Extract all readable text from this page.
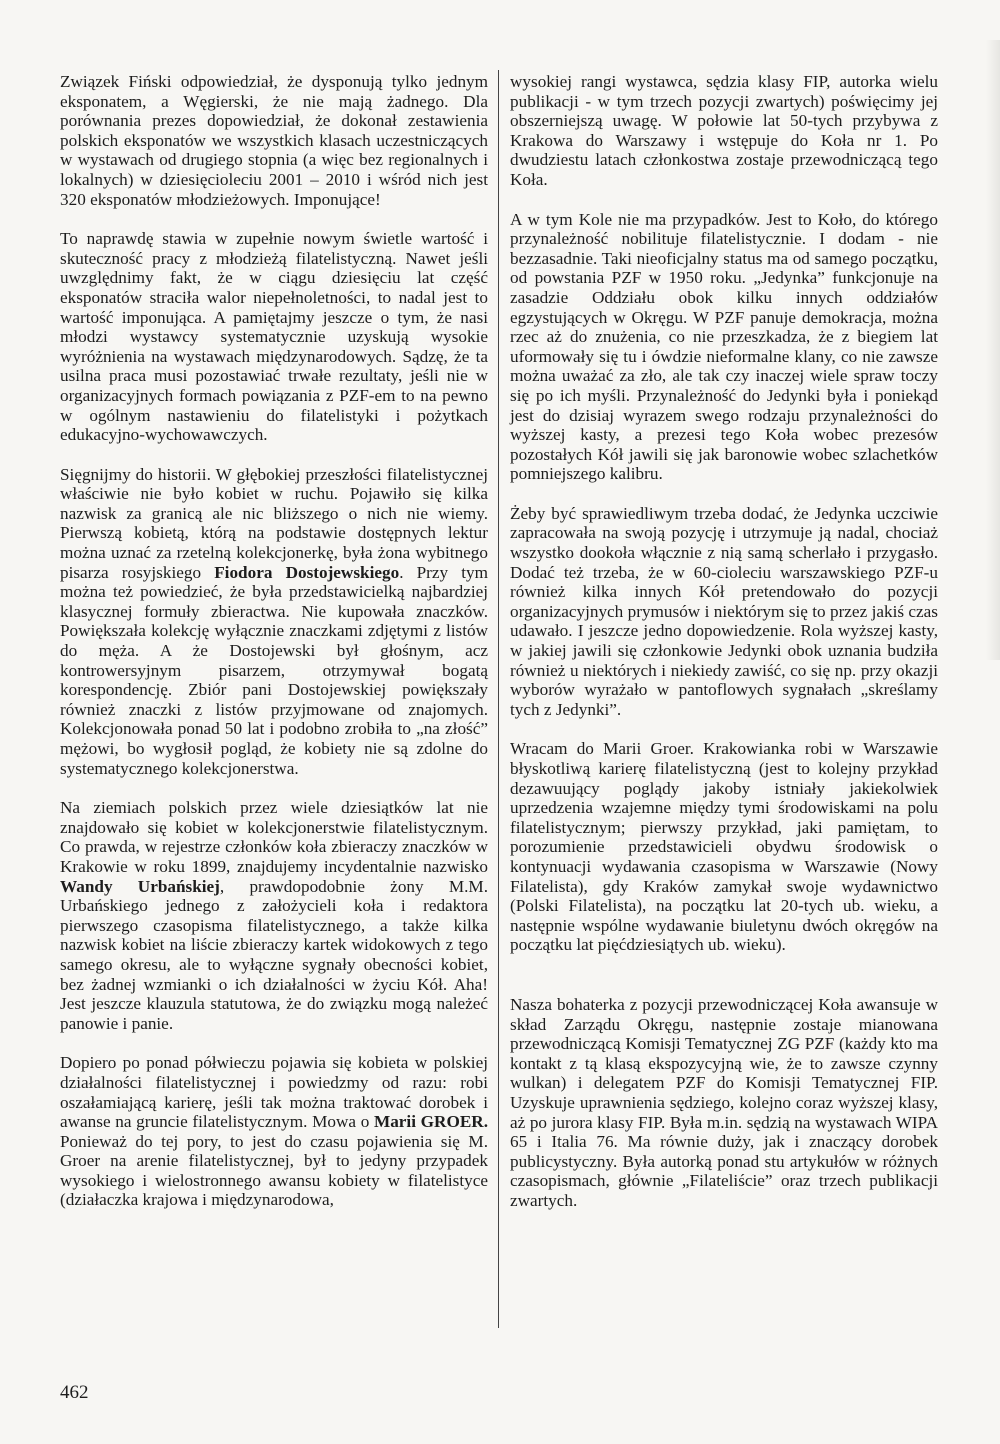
Związek Fiński odpowiedział, że dysponują tylko jednym eksponatem, a Węgierski, że nie mają żadnego. Dla porównania prezes dopowiedział, że dokonał zestawienia polskich eksponatów we wszystkich klasach uczestniczących w wystawach od drugiego stopnia (a więc bez regionalnych i lokalnych) w dziesięcioleciu 2001 – 2010 i wśród nich jest 320 eksponatów młodzieżowych. Imponujące!

To naprawdę stawia w zupełnie nowym świetle wartość i skuteczność pracy z młodzieżą filatelistyczną. Nawet jeśli uwzględnimy fakt, że w ciągu dziesięciu lat część eksponatów straciła walor niepełnoletności, to nadal jest to wartość imponująca. A pamiętajmy jeszcze o tym, że nasi młodzi wystawcy systematycznie uzyskują wysokie wyróżnienia na wystawach międzynarodowych. Sądzę, że ta usilna praca musi pozostawiać trwałe rezultaty, jeśli nie w organizacyjnych formach powiązania z PZF-em to na pewno w ogólnym nastawieniu do filatelistyki i pożytkach edukacyjno-wychowawczych.

Sięgnijmy do historii. W głębokiej przeszłości filatelistycznej właściwie nie było kobiet w ruchu. Pojawiło się kilka nazwisk za granicą ale nic bliższego o nich nie wiemy. Pierwszą kobietą, którą na podstawie dostępnych lektur można uznać za rzetelną kolekcjonerkę, była żona wybitnego pisarza rosyjskiego Fiodora Dostojewskiego. Przy tym można też powiedzieć, że była przedstawicielką najbardziej klasycznej formuły zbieractwa. Nie kupowała znaczków. Powiększała kolekcję wyłącznie znaczkami zdjętymi z listów do męża. A że Dostojewski był głośnym, acz kontrowersyjnym pisarzem, otrzymywał bogatą korespondencję. Zbiór pani Dostojewskiej powiększały również znaczki z listów przyjmowane od znajomych. Kolekcjonowała ponad 50 lat i podobno zrobiła to „na złość” mężowi, bo wygłosił pogląd, że kobiety nie są zdolne do systematycznego kolekcjonerstwa.

Na ziemiach polskich przez wiele dziesiątków lat nie znajdowało się kobiet w kolekcjonerstwie filatelistycznym. Co prawda, w rejestrze członków koła zbieraczy znaczków w Krakowie w roku 1899, znajdujemy incydentalnie nazwisko Wandy Urbańskiej, prawdopodobnie żony M.M. Urbańskiego jednego z założycieli koła i redaktora pierwszego czasopisma filatelistycznego, a także kilka nazwisk kobiet na liście zbieraczy kartek widokowych z tego samego okresu, ale to wyłączne sygnały obecności kobiet, bez żadnej wzmianki o ich działalności w życiu Kół. Aha! Jest jeszcze klauzula statutowa, że do związku mogą należeć panowie i panie.

Dopiero po ponad półwieczu pojawia się kobieta w polskiej działalności filatelistycznej i powiedzmy od razu: robi oszałamiającą karierę, jeśli tak można traktować dorobek i awanse na gruncie filatelistycznym. Mowa o Marii GROER. Ponieważ do tej pory, to jest do czasu pojawienia się M. Groer na arenie filatelistycznej, był to jedyny przypadek wysokiego i wielostronnego awansu kobiety w filatelistyce (działaczka krajowa i międzynarodowa,

wysokiej rangi wystawca, sędzia klasy FIP, autorka wielu publikacji - w tym trzech pozycji zwartych) poświęcimy jej obszerniejszą uwagę. W połowie lat 50-tych przybywa z Krakowa do Warszawy i wstępuje do Koła nr 1. Po dwudziestu latach członkostwa zostaje przewodniczącą tego Koła.

A w tym Kole nie ma przypadków. Jest to Koło, do którego przynależność nobilituje filatelistycznie. I dodam - nie bezzasadnie. Taki nieoficjalny status ma od samego początku, od powstania PZF w 1950 roku. „Jedynka” funkcjonuje na zasadzie Oddziału obok kilku innych oddziałów egzystujących w Okręgu. W PZF panuje demokracja, można rzec aż do znużenia, co nie przeszkadza, że z biegiem lat uformowały się tu i ówdzie nieformalne klany, co nie zawsze można uważać za zło, ale tak czy inaczej wiele spraw toczy się po ich myśli. Przynależność do Jedynki była i poniekąd jest do dzisiaj wyrazem swego rodzaju przynależności do wyższej kasty, a prezesi tego Koła wobec prezesów pozostałych Kół jawili się jak baronowie wobec szlachetków pomniejszego kalibru.

Żeby być sprawiedliwym trzeba dodać, że Jedynka uczciwie zapracowała na swoją pozycję i utrzymuje ją nadal, chociaż wszystko dookoła włącznie z nią samą scherlało i przygasło. Dodać też trzeba, że w 60-cioleciu warszawskiego PZF-u również kilka innych Kół pretendowało do pozycji organizacyjnych prymusów i niektórym się to przez jakiś czas udawało. I jeszcze jedno dopowiedzenie. Rola wyższej kasty, w jakiej jawili się członkowie Jedynki obok uznania budziła również u niektórych i niekiedy zawiść, co się np. przy okazji wyborów wyrażało w pantoflowych sygnałach „skreślamy tych z Jedynki”.

Wracam do Marii Groer. Krakowianka robi w Warszawie błyskotliwą karierę filatelistyczną (jest to kolejny przykład dezawuujący poglądy jakoby istniały jakiekolwiek uprzedzenia wzajemne między tymi środowiskami na polu filatelistycznym; pierwszy przykład, jaki pamiętam, to porozumienie przedstawicieli obydwu środowisk o kontynuacji wydawania czasopisma w Warszawie (Nowy Filatelista), gdy Kraków zamykał swoje wydawnictwo (Polski Filatelista), na początku lat 20-tych ub. wieku, a następnie wspólne wydawanie biuletynu dwóch okręgów na początku lat pięćdziesiątych ub. wieku).

Nasza bohaterka z pozycji przewodniczącej Koła awansuje w skład Zarządu Okręgu, następnie zostaje mianowana przewodniczącą Komisji Tematycznej ZG PZF (każdy kto ma kontakt z tą klasą ekspozycyjną wie, że to zawsze czynny wulkan) i delegatem PZF do Komisji Tematycznej FIP. Uzyskuje uprawnienia sędziego, kolejno coraz wyższej klasy, aż po jurora klasy FIP. Była m.in. sędzią na wystawach WIPA 65 i Italia 76. Ma równie duży, jak i znaczący dorobek publicystyczny. Była autorką ponad stu artykułów w różnych czasopismach, głównie „Filateliście” oraz trzech publikacji zwartych.

462
